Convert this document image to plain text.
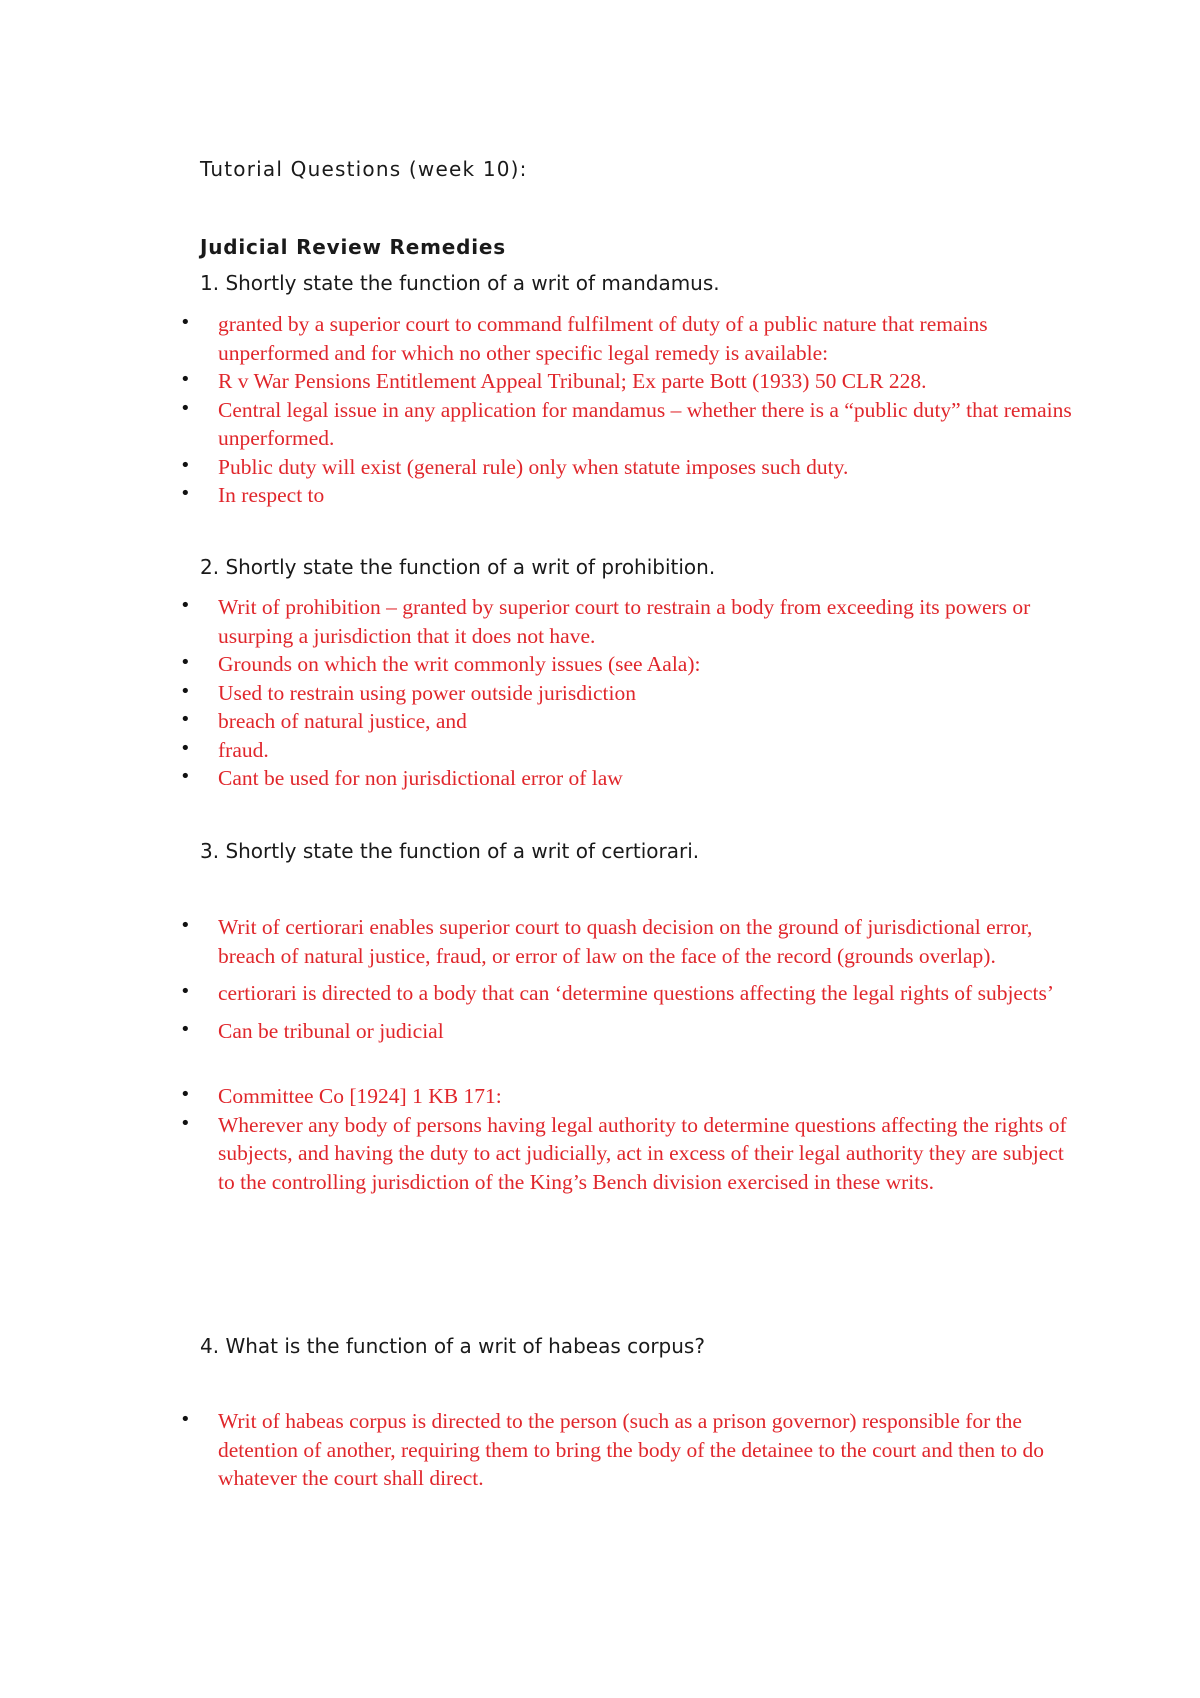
Tutorial Questions (week 10):
Judicial Review Remedies
1. Shortly state the function of a writ of mandamus.
• granted by a superior court to command fulfilment of duty of a public nature that remains unperformed and for which no other specific legal remedy is available:
• R v War Pensions Entitlement Appeal Tribunal; Ex parte Bott (1933) 50 CLR 228.
• Central legal issue in any application for mandamus – whether there is a “public duty” that remains unperformed.
• Public duty will exist (general rule) only when statute imposes such duty.
• In respect to
2. Shortly state the function of a writ of prohibition.
• Writ of prohibition – granted by superior court to restrain a body from exceeding its powers or usurping a jurisdiction that it does not have.
• Grounds on which the writ commonly issues (see Aala):
• Used to restrain using power outside jurisdiction
• breach of natural justice, and
• fraud.
• Cant be used for non jurisdictional error of law
3. Shortly state the function of a writ of certiorari.
• Writ of certiorari enables superior court to quash decision on the ground of jurisdictional error, breach of natural justice, fraud, or error of law on the face of the record (grounds overlap).
• certiorari is directed to a body that can ‘determine questions affecting the legal rights of subjects’
• Can be tribunal or judicial
• Committee Co [1924] 1 KB 171:
• Wherever any body of persons having legal authority to determine questions affecting the rights of subjects, and having the duty to act judicially, act in excess of their legal authority they are subject to the controlling jurisdiction of the King’s Bench division exercised in these writs.
4. What is the function of a writ of habeas corpus?
• Writ of habeas corpus is directed to the person (such as a prison governor) responsible for the detention of another, requiring them to bring the body of the detainee to the court and then to do whatever the court shall direct.
